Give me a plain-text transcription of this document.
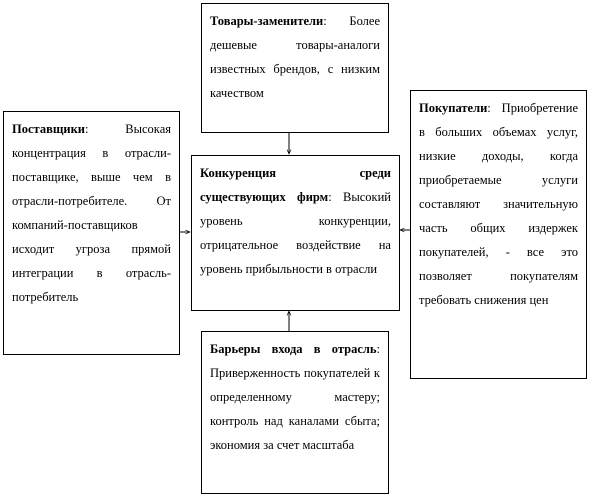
Товары-заменители: Более дешевые товары-аналоги известных брендов, с низким качеством
Поставщики: Высокая концентрация в отрасли-поставщике, выше чем в отрасли-потребителе. От компаний-поставщиков исходит угроза прямой интеграции в отрасль-потребитель
Конкуренция среди существующих фирм: Высокий уровень конкуренции, отрицательное воздействие на уровень прибыльности в отрасли
Покупатели: Приобретение в больших объемах услуг, низкие доходы, когда приобретаемые услуги составляют значительную часть общих издержек покупателей, - все это позволяет покупателям требовать снижения цен
Барьеры входа в отрасль: Приверженность покупателей к определенному мастеру; контроль над каналами сбыта; экономия за счет масштаба
